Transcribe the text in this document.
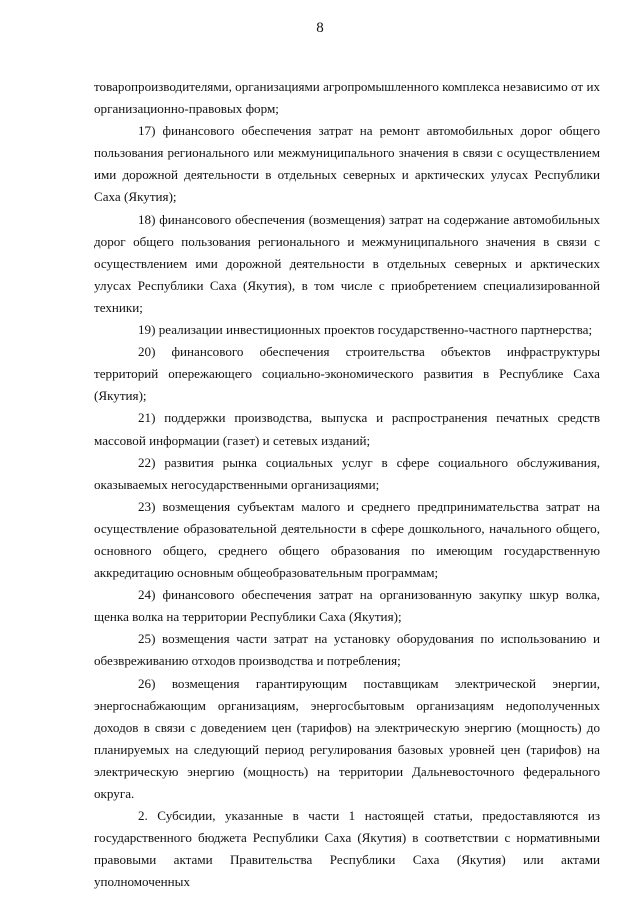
8

товаропроизводителями, организациями агропромышленного комплекса независимо от их организационно-правовых форм;

17) финансового обеспечения затрат на ремонт автомобильных дорог общего пользования регионального или межмуниципального значения в связи с осуществлением ими дорожной деятельности в отдельных северных и арктических улусах Республики Саха (Якутия);

18) финансового обеспечения (возмещения) затрат на содержание автомобильных дорог общего пользования регионального и межмуниципального значения в связи с осуществлением ими дорожной деятельности в отдельных северных и арктических улусах Республики Саха (Якутия), в том числе с приобретением специализированной техники;

19) реализации инвестиционных проектов государственно-частного партнерства;

20) финансового обеспечения строительства объектов инфраструктуры территорий опережающего социально-экономического развития в Республике Саха (Якутия);

21) поддержки производства, выпуска и распространения печатных средств массовой информации (газет) и сетевых изданий;

22) развития рынка социальных услуг в сфере социального обслуживания, оказываемых негосударственными организациями;

23) возмещения субъектам малого и среднего предпринимательства затрат на осуществление образовательной деятельности в сфере дошкольного, начального общего, основного общего, среднего общего образования по имеющим государственную аккредитацию основным общеобразовательным программам;

24) финансового обеспечения затрат на организованную закупку шкур волка, щенка волка на территории Республики Саха (Якутия);

25) возмещения части затрат на установку оборудования по использованию и обезвреживанию отходов производства и потребления;

26) возмещения гарантирующим поставщикам электрической энергии, энергоснабжающим организациям, энергосбытовым организациям недополученных доходов в связи с доведением цен (тарифов) на электрическую энергию (мощность) до планируемых на следующий период регулирования базовых уровней цен (тарифов) на электрическую энергию (мощность) на территории Дальневосточного федерального округа.

2. Субсидии, указанные в части 1 настоящей статьи, предоставляются из государственного бюджета Республики Саха (Якутия) в соответствии с нормативными правовыми актами Правительства Республики Саха (Якутия) или актами уполномоченных
